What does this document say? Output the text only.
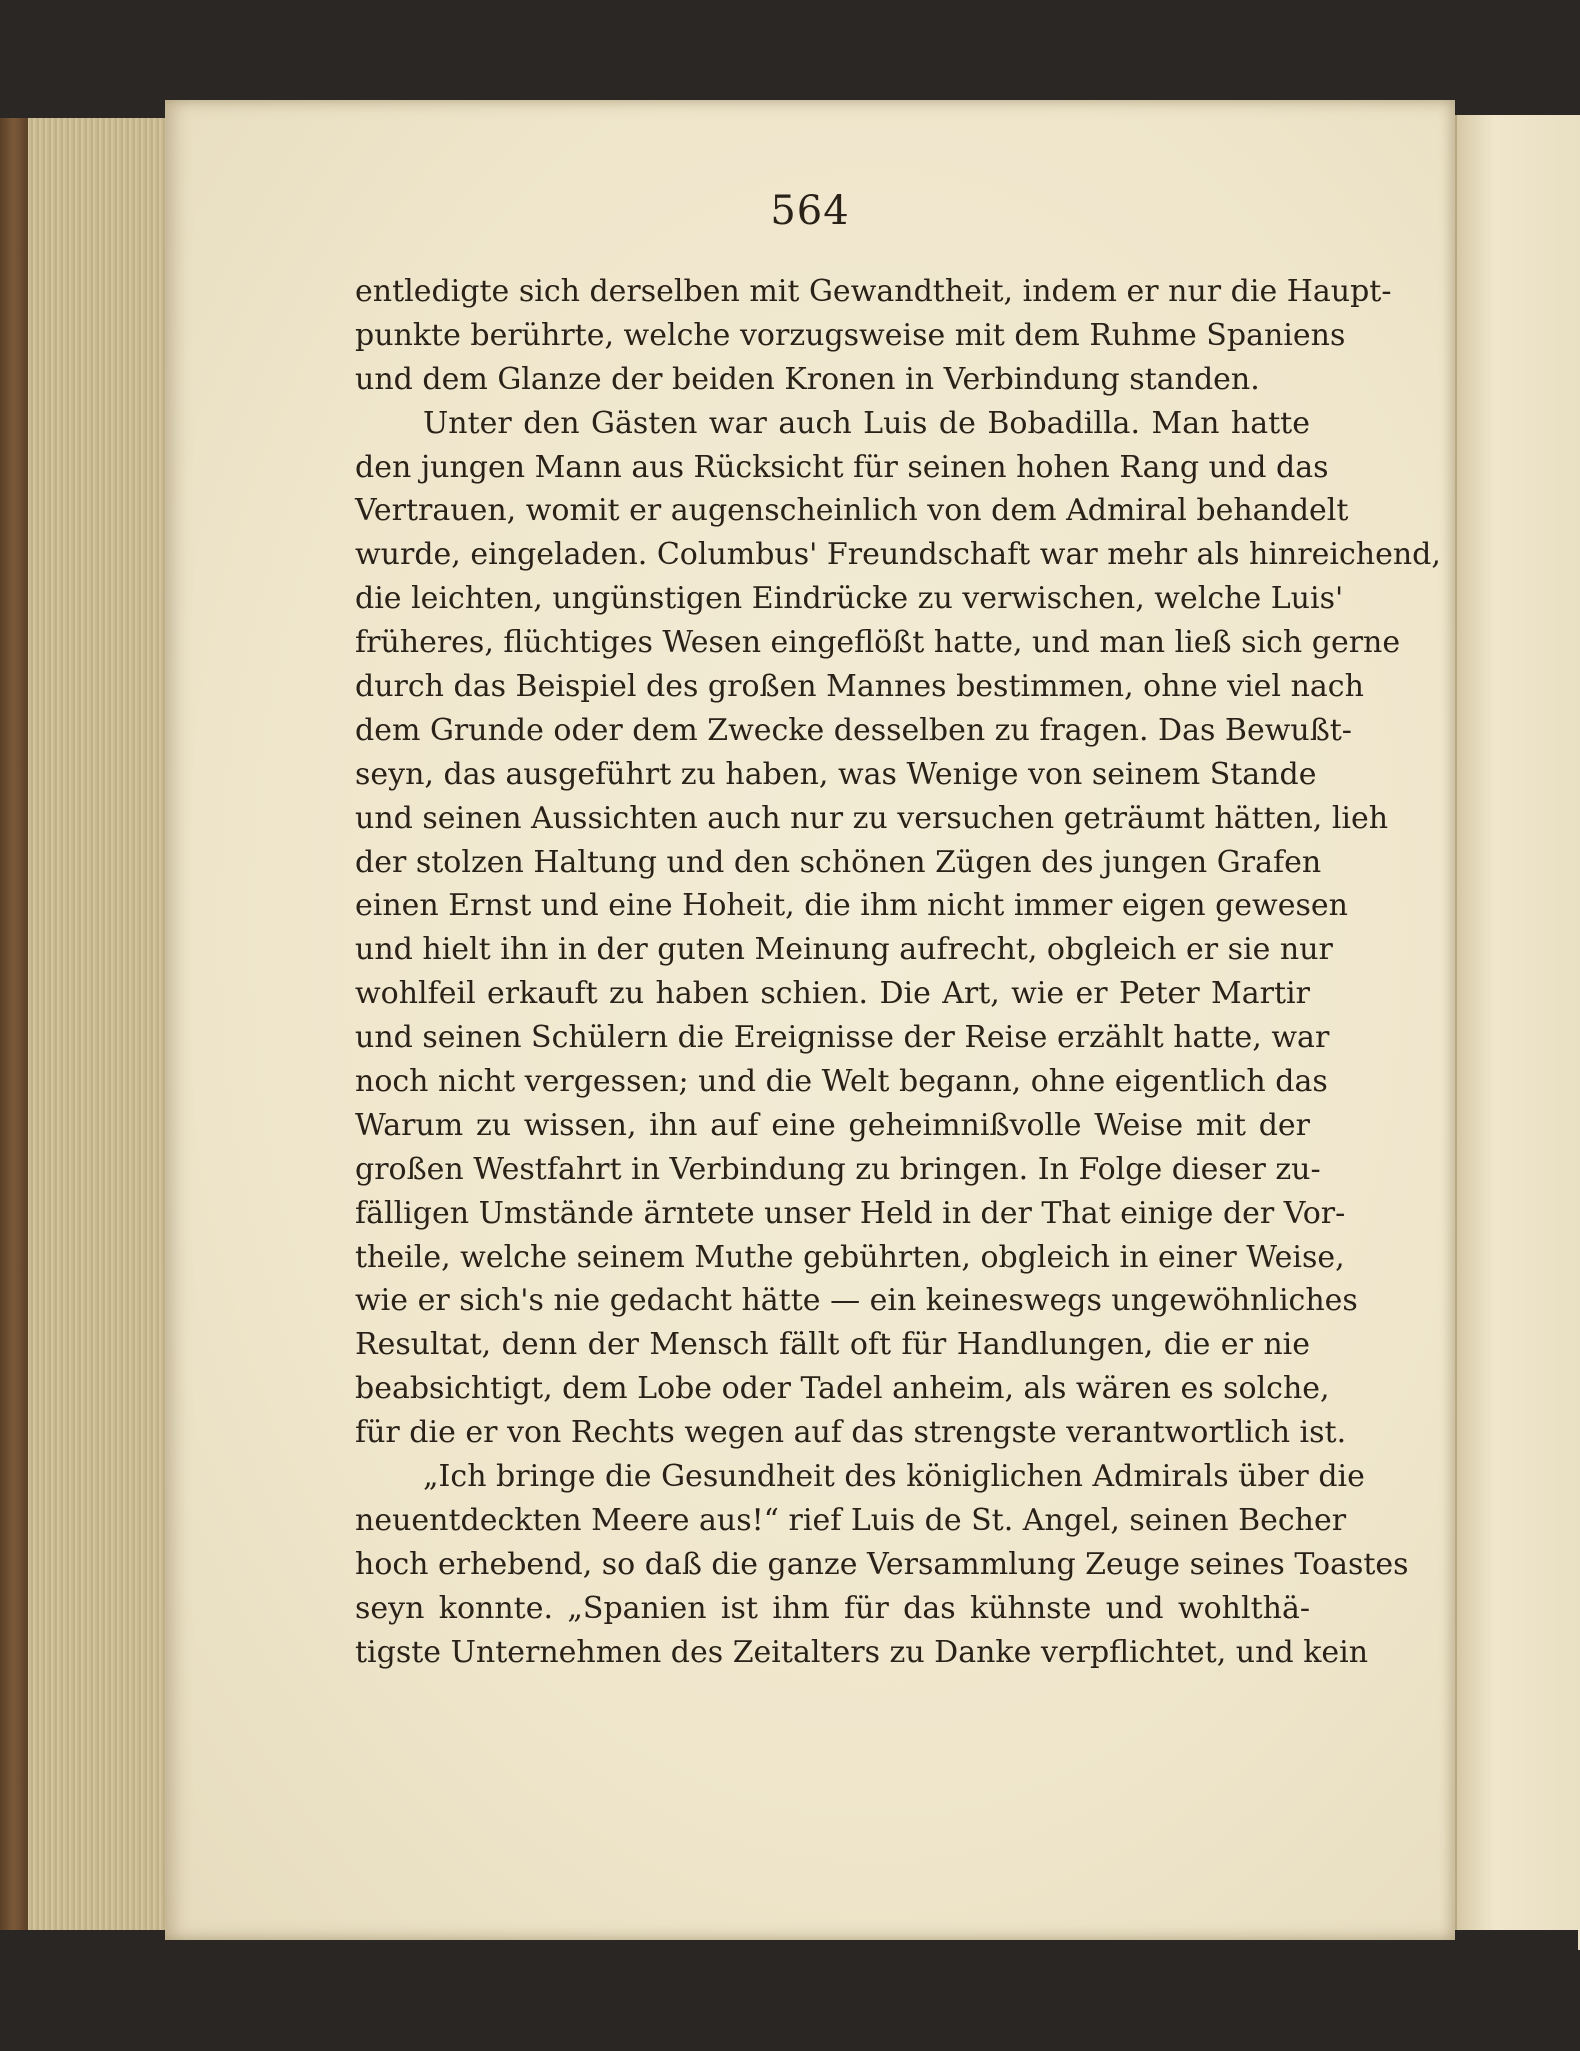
564
entledigte sich derselben mit Gewandtheit, indem er nur die Haupt-
punkte berührte, welche vorzugsweise mit dem Ruhme Spaniens
und dem Glanze der beiden Kronen in Verbindung standen.
Unter den Gästen war auch Luis de Bobadilla. Man hatte
den jungen Mann aus Rücksicht für seinen hohen Rang und das
Vertrauen, womit er augenscheinlich von dem Admiral behandelt
wurde, eingeladen. Columbus' Freundschaft war mehr als hinreichend,
die leichten, ungünstigen Eindrücke zu verwischen, welche Luis'
früheres, flüchtiges Wesen eingeflößt hatte, und man ließ sich gerne
durch das Beispiel des großen Mannes bestimmen, ohne viel nach
dem Grunde oder dem Zwecke desselben zu fragen. Das Bewußt-
seyn, das ausgeführt zu haben, was Wenige von seinem Stande
und seinen Aussichten auch nur zu versuchen geträumt hätten, lieh
der stolzen Haltung und den schönen Zügen des jungen Grafen
einen Ernst und eine Hoheit, die ihm nicht immer eigen gewesen
und hielt ihn in der guten Meinung aufrecht, obgleich er sie nur
wohlfeil erkauft zu haben schien. Die Art, wie er Peter Martir
und seinen Schülern die Ereignisse der Reise erzählt hatte, war
noch nicht vergessen; und die Welt begann, ohne eigentlich das
Warum zu wissen, ihn auf eine geheimnißvolle Weise mit der
großen Westfahrt in Verbindung zu bringen. In Folge dieser zu-
fälligen Umstände ärntete unser Held in der That einige der Vor-
theile, welche seinem Muthe gebührten, obgleich in einer Weise,
wie er sich's nie gedacht hätte — ein keineswegs ungewöhnliches
Resultat, denn der Mensch fällt oft für Handlungen, die er nie
beabsichtigt, dem Lobe oder Tadel anheim, als wären es solche,
für die er von Rechts wegen auf das strengste verantwortlich ist.
„Ich bringe die Gesundheit des königlichen Admirals über die
neuentdeckten Meere aus!“ rief Luis de St. Angel, seinen Becher
hoch erhebend, so daß die ganze Versammlung Zeuge seines Toastes
seyn konnte. „Spanien ist ihm für das kühnste und wohlthä-
tigste Unternehmen des Zeitalters zu Danke verpflichtet, und kein
